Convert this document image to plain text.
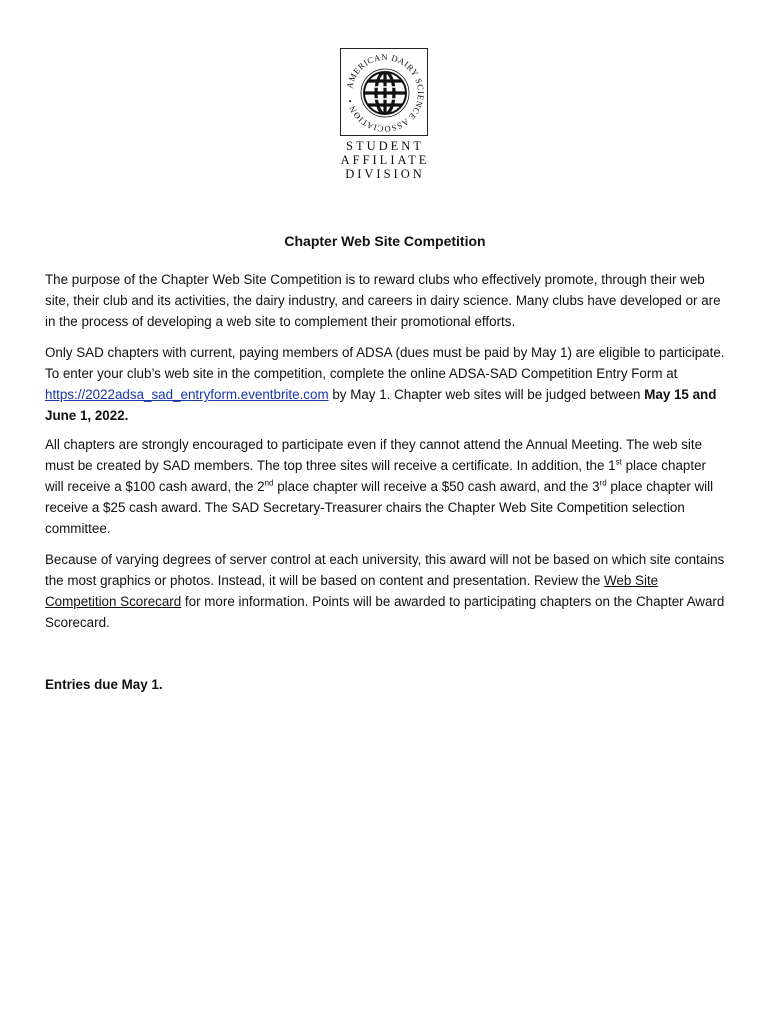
AMERICAN DAIRY SCIENCE ASSOCIATION •
STUDENT
AFFILIATE
DIVISION
Chapter Web Site Competition

The purpose of the Chapter Web Site Competition is to reward clubs who effectively promote, through their web site, their club and its activities, the dairy industry, and careers in dairy science. Many clubs have developed or are in the process of developing a web site to complement their promotional efforts.

Only SAD chapters with current, paying members of ADSA (dues must be paid by May 1) are eligible to participate. To enter your club’s web site in the competition, complete the online ADSA-SAD Competition Entry Form at https://2022adsa_sad_entryform.eventbrite.com by May 1. Chapter web sites will be judged between May 15 and June 1, 2022.

All chapters are strongly encouraged to participate even if they cannot attend the Annual Meeting. The web site must be created by SAD members. The top three sites will receive a certificate. In addition, the 1st place chapter will receive a $100 cash award, the 2nd place chapter will receive a $50 cash award, and the 3rd place chapter will receive a $25 cash award. The SAD Secretary-Treasurer chairs the Chapter Web Site Competition selection committee.

Because of varying degrees of server control at each university, this award will not be based on which site contains the most graphics or photos. Instead, it will be based on content and presentation. Review the Web Site Competition Scorecard for more information. Points will be awarded to participating chapters on the Chapter Award Scorecard.

Entries due May 1.
